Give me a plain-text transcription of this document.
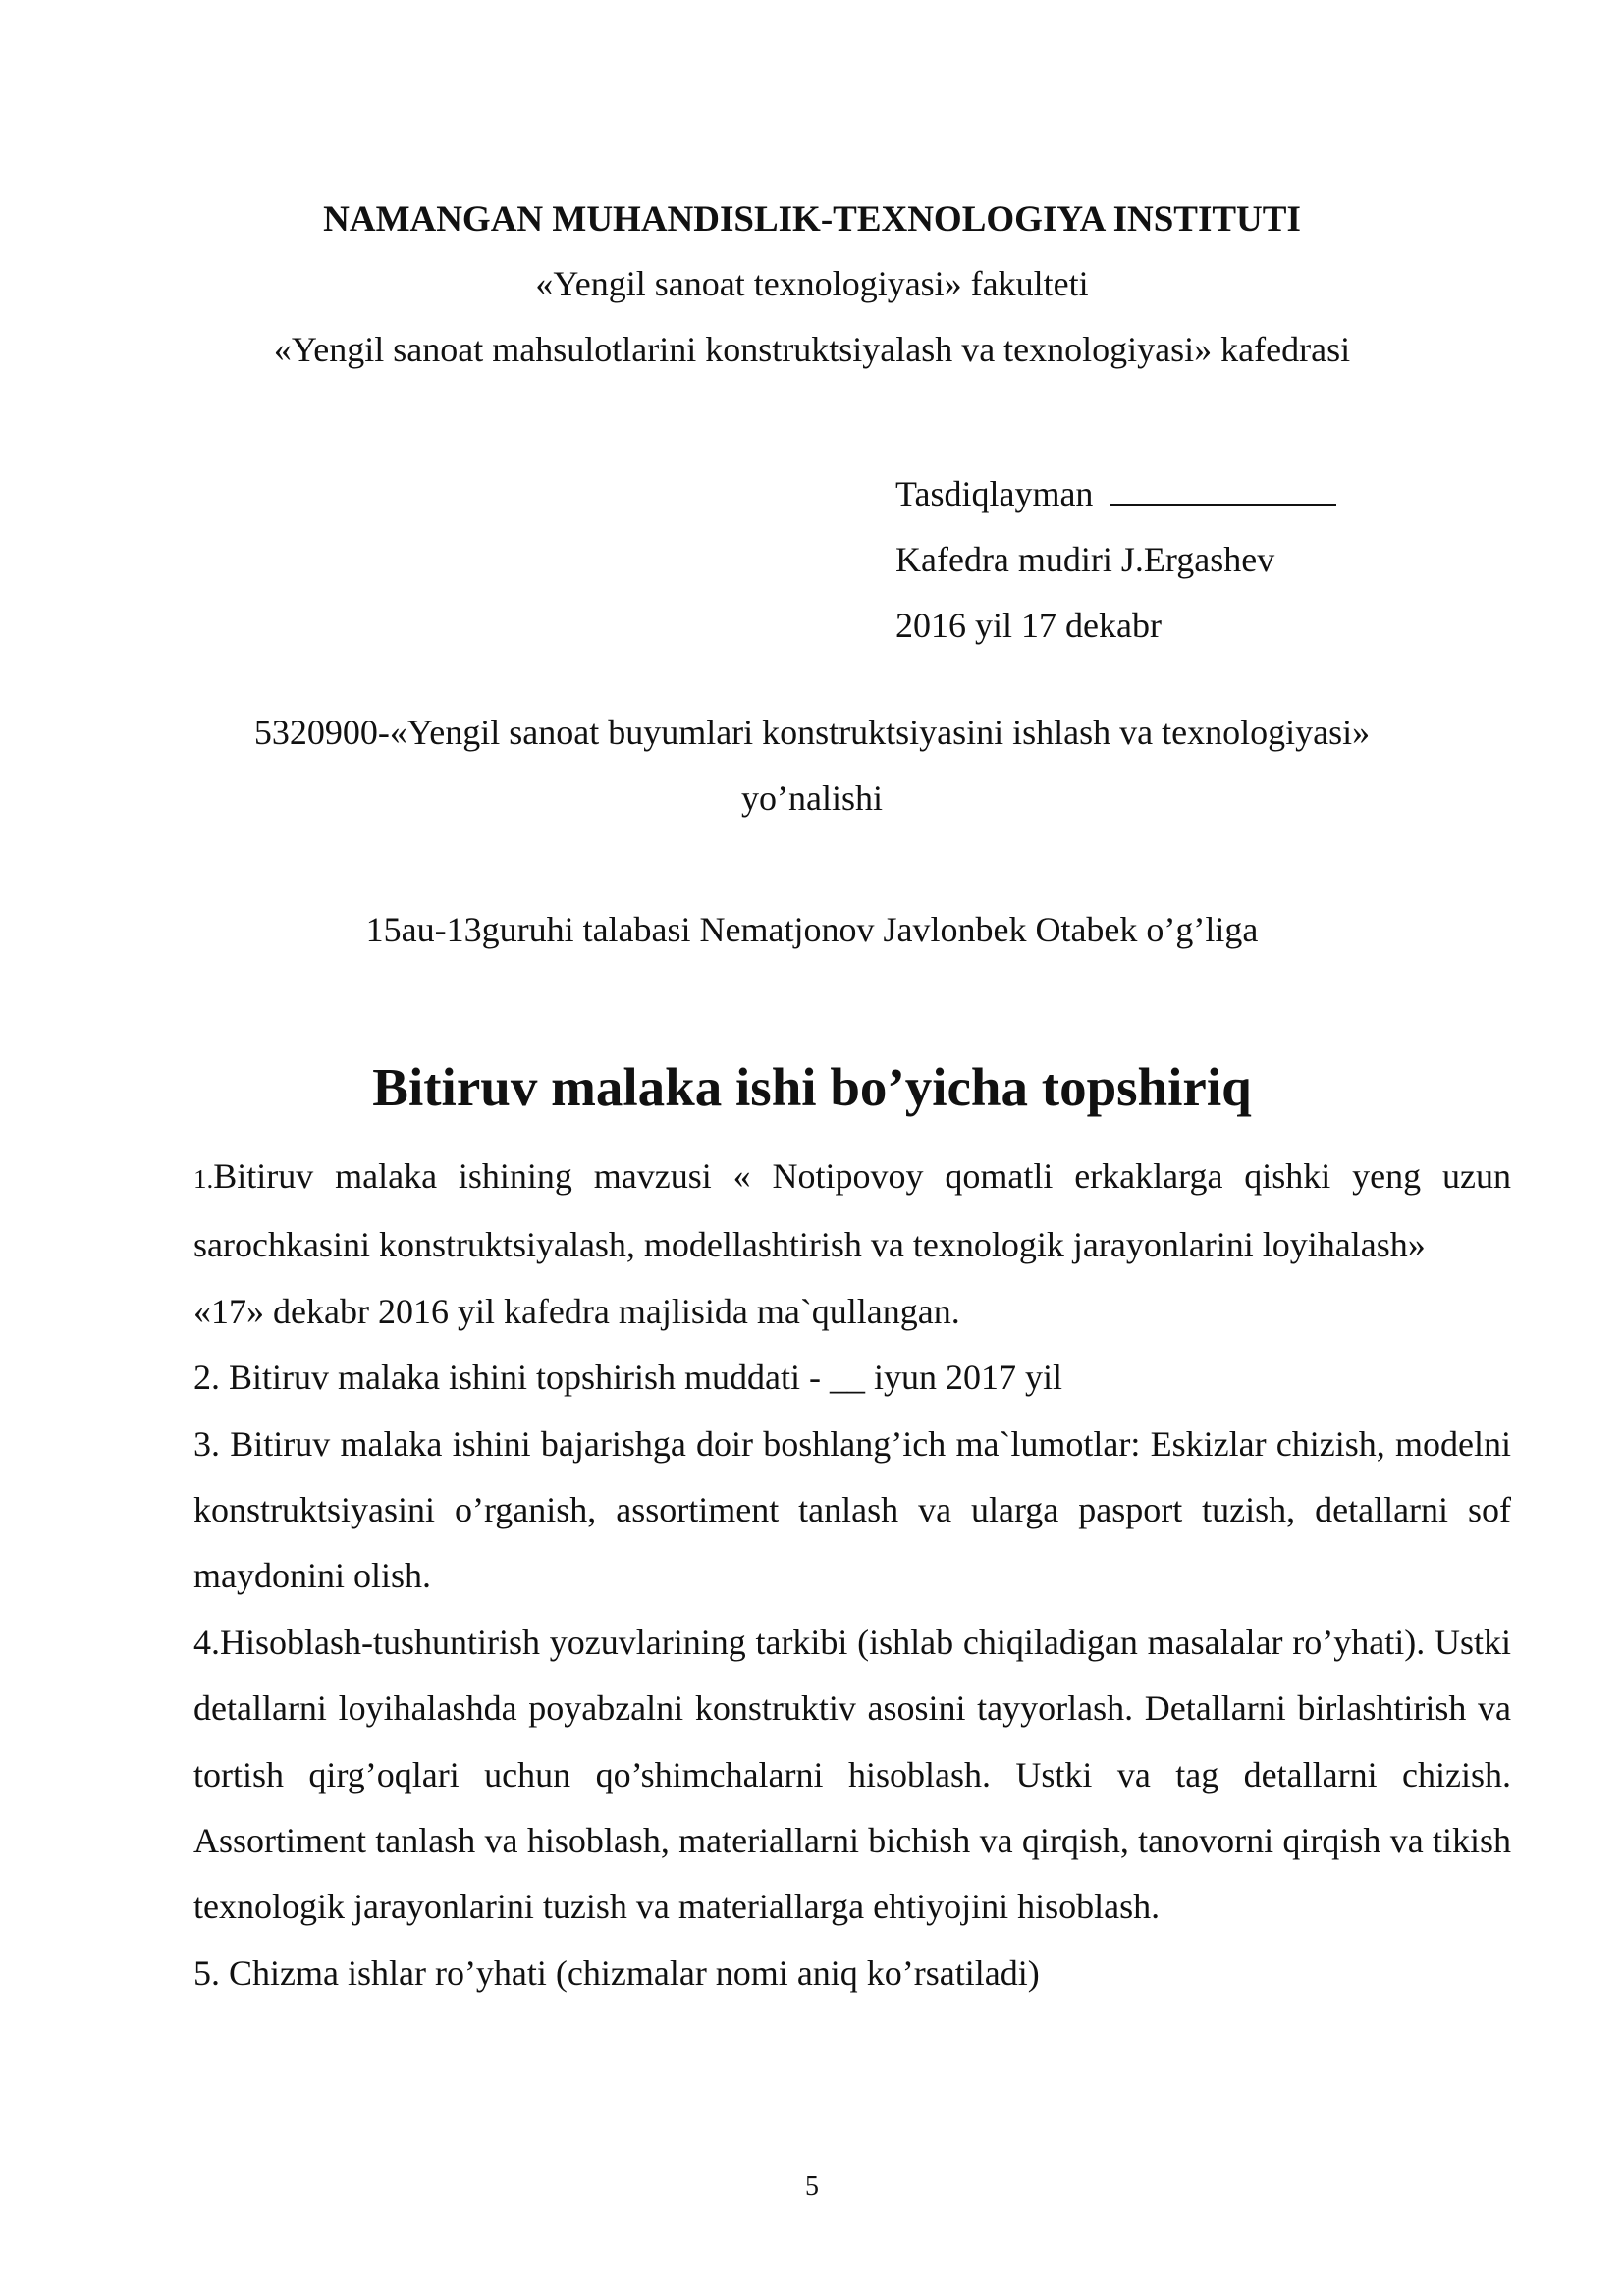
NAMANGAN MUHANDISLIK-TEXNOLOGIYA INSTITUTI
«Yengil sanoat texnologiyasi» fakulteti
«Yengil sanoat mahsulotlarini konstruktsiyalash va texnologiyasi» kafedrasi
Tasdiqlayman
Kafedra mudiri J.Ergashev
2016 yil 17 dekabr
5320900-«Yengil sanoat buyumlari konstruktsiyasini ishlash va texnologiyasi»
yo’nalishi
15au-13guruhi talabasi Nematjonov Javlonbek Otabek o’g’liga
Bitiruv malaka ishi bo’yicha topshiriq

1.Bitiruv malaka ishining mavzusi « Notipovoy qomatli erkaklarga qishki yeng uzun sarochkasini konstruktsiyalash, modellashtirish va texnologik jarayonlarini loyihalash»

«17» dekabr 2016 yil kafedra majlisida ma`qullangan.

2. Bitiruv malaka ishini topshirish muddati - __ iyun 2017 yil

3. Bitiruv malaka ishini bajarishga doir boshlang’ich ma`lumotlar: Eskizlar chizish, modelni konstruktsiyasini o’rganish, assortiment tanlash va ularga pasport tuzish, detallarni sof maydonini olish.

4.Hisoblash-tushuntirish yozuvlarining tarkibi (ishlab chiqiladigan masalalar ro’yhati). Ustki detallarni loyihalashda poyabzalni konstruktiv asosini tayyorlash. Detallarni birlashtirish va tortish qirg’oqlari uchun qo’shimchalarni hisoblash. Ustki va tag detallarni chizish. Assortiment tanlash va hisoblash, materiallarni bichish va qirqish, tanovorni qirqish va tikish texnologik jarayonlarini tuzish va materiallarga ehtiyojini hisoblash.

5. Chizma ishlar ro’yhati (chizmalar nomi aniq ko’rsatiladi)

5
